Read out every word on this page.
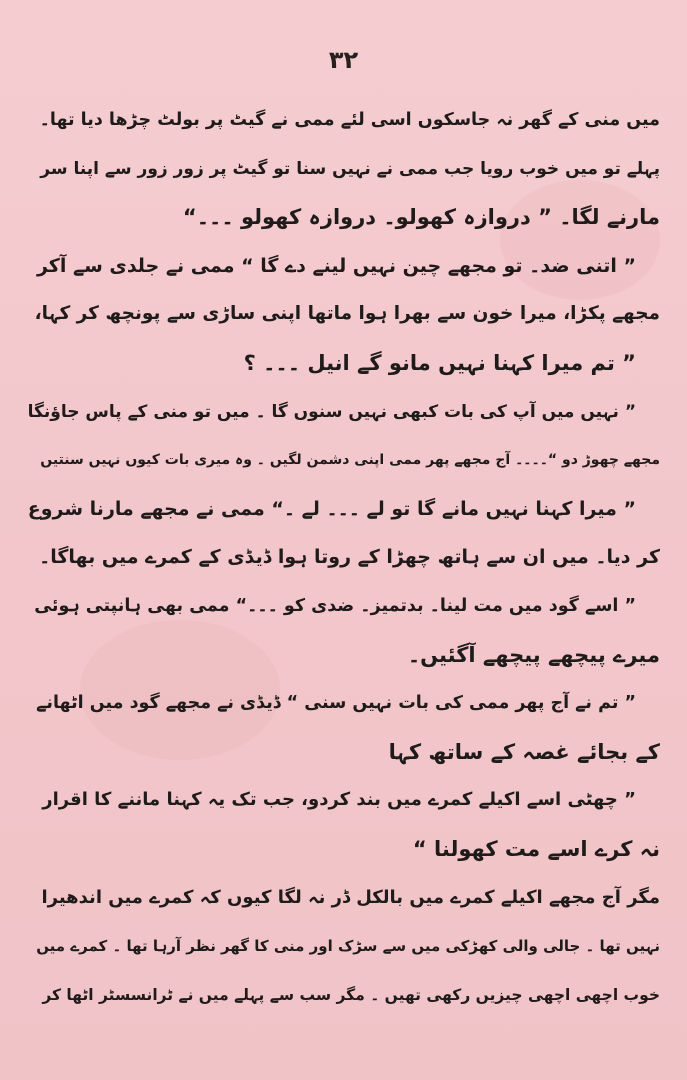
۳۲
میں منی کے گھر نہ جاسکوں اسی لئے ممی نے گیٹ پر بولٹ چڑھا دیا تھا۔
پہلے تو میں خوب رویا جب ممی نے نہیں سنا تو گیٹ پر زور زور سے اپنا سر
مارنے لگا۔ ” دروازہ کھولو۔ دروازہ کھولو ۔۔۔“
” اتنی ضد۔ تو مجھے چین نہیں لینے دے گا “ ممی نے جلدی سے آکر
مجھے پکڑا، میرا خون سے بھرا ہوا ماتھا اپنی ساڑی سے پونچھ کر کہا،
” تم میرا کہنا نہیں مانو گے انیل ۔۔۔ ؟
” نہیں میں آپ کی بات کبھی نہیں سنوں گا ۔ میں تو منی کے پاس جاؤنگا
مجھے چھوڑ دو “۔۔۔۔ آج مجھے پھر ممی اپنی دشمن لگیں ۔ وہ میری بات کیوں نہیں سنتیں
” میرا کہنا نہیں مانے گا تو لے ۔۔۔ لے ۔“ ممی نے مجھے مارنا شروع
کر دیا۔ میں ان سے ہاتھ چھڑا کے روتا ہوا ڈیڈی کے کمرے میں بھاگا۔
” اسے گود میں مت لینا۔ بدتمیز۔ ضدی کو ۔۔۔“ ممی بھی ہانپتی ہوئی
میرے پیچھے پیچھے آگئیں۔
” تم نے آج پھر ممی کی بات نہیں سنی “ ڈیڈی نے مجھے گود میں اٹھانے
کے بجائے غصہ کے ساتھ کہا
” چھٹی اسے اکیلے کمرے میں بند کردو، جب تک یہ کہنا ماننے کا اقرار
نہ کرے اسے مت کھولنا “
مگر آج مجھے اکیلے کمرے میں بالکل ڈر نہ لگا کیوں کہ کمرے میں اندھیرا
نہیں تھا ۔ جالی والی کھڑکی میں سے سڑک اور منی کا گھر نظر آرہا تھا ۔ کمرے میں
خوب اچھی اچھی چیزیں رکھی تھیں ۔ مگر سب سے پہلے میں نے ٹرانسسٹر اٹھا کر
